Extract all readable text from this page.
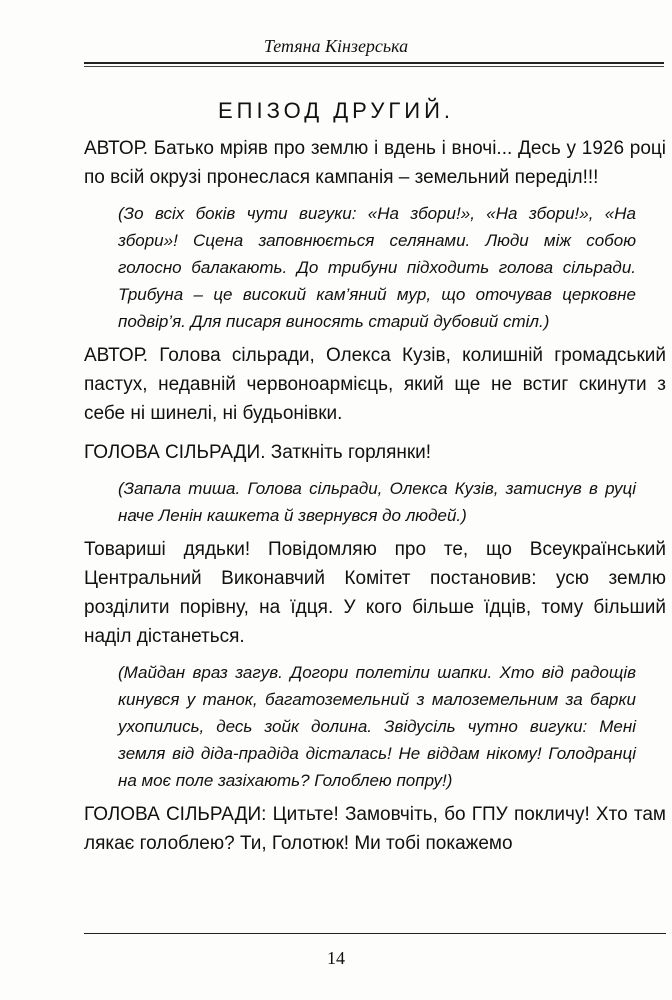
Тетяна Кінзерська
ЕПІЗОД ДРУГИЙ.

АВТОР. Батько мріяв про землю і вдень і вночі... Десь у 1926 році по всій окрузі пронеслася кампанія – земельний переділ!!!

(Зо всіх боків чути вигуки: «На збори!», «На збори!», «На збори»! Сцена заповнюється селянами. Люди між собою голосно балакають. До трибуни підходить голова сільради. Трибуна – це високий кам’яний мур, що оточував церковне подвір’я. Для писаря виносять старий дубовий стіл.)

АВТОР. Голова сільради, Олекса Кузів, колишній громадський пастух, недавній червоноармієць, який ще не встиг скинути з себе ні шинелі, ні будьонівки.

ГОЛОВА СІЛЬРАДИ. Заткніть горлянки!

(Запала тиша. Голова сільради, Олекса Кузів, затиснув в руці наче Ленін кашкета й звернувся до людей.)

Товариші дядьки! Повідомляю про те, що Всеукраїнський Центральний Виконавчий Комітет постановив: усю землю розділити порівну, на їдця. У кого більше їдців, тому більший наділ дістанеться.

(Майдан враз загув. Догори полетіли шапки. Хто від радощів кинувся у танок, багатоземельний з малоземельним за барки ухопились, десь зойк долина. Звідусіль чутно вигуки: Мені земля від діда-прадіда дісталась! Не віддам нікому! Голодранці на моє поле зазіхають? Голоблею попру!)

ГОЛОВА СІЛЬРАДИ: Цитьте! Замовчіть, бо ГПУ покличу! Хто там лякає голоблею? Ти, Голотюк! Ми тобі покажемо

14
